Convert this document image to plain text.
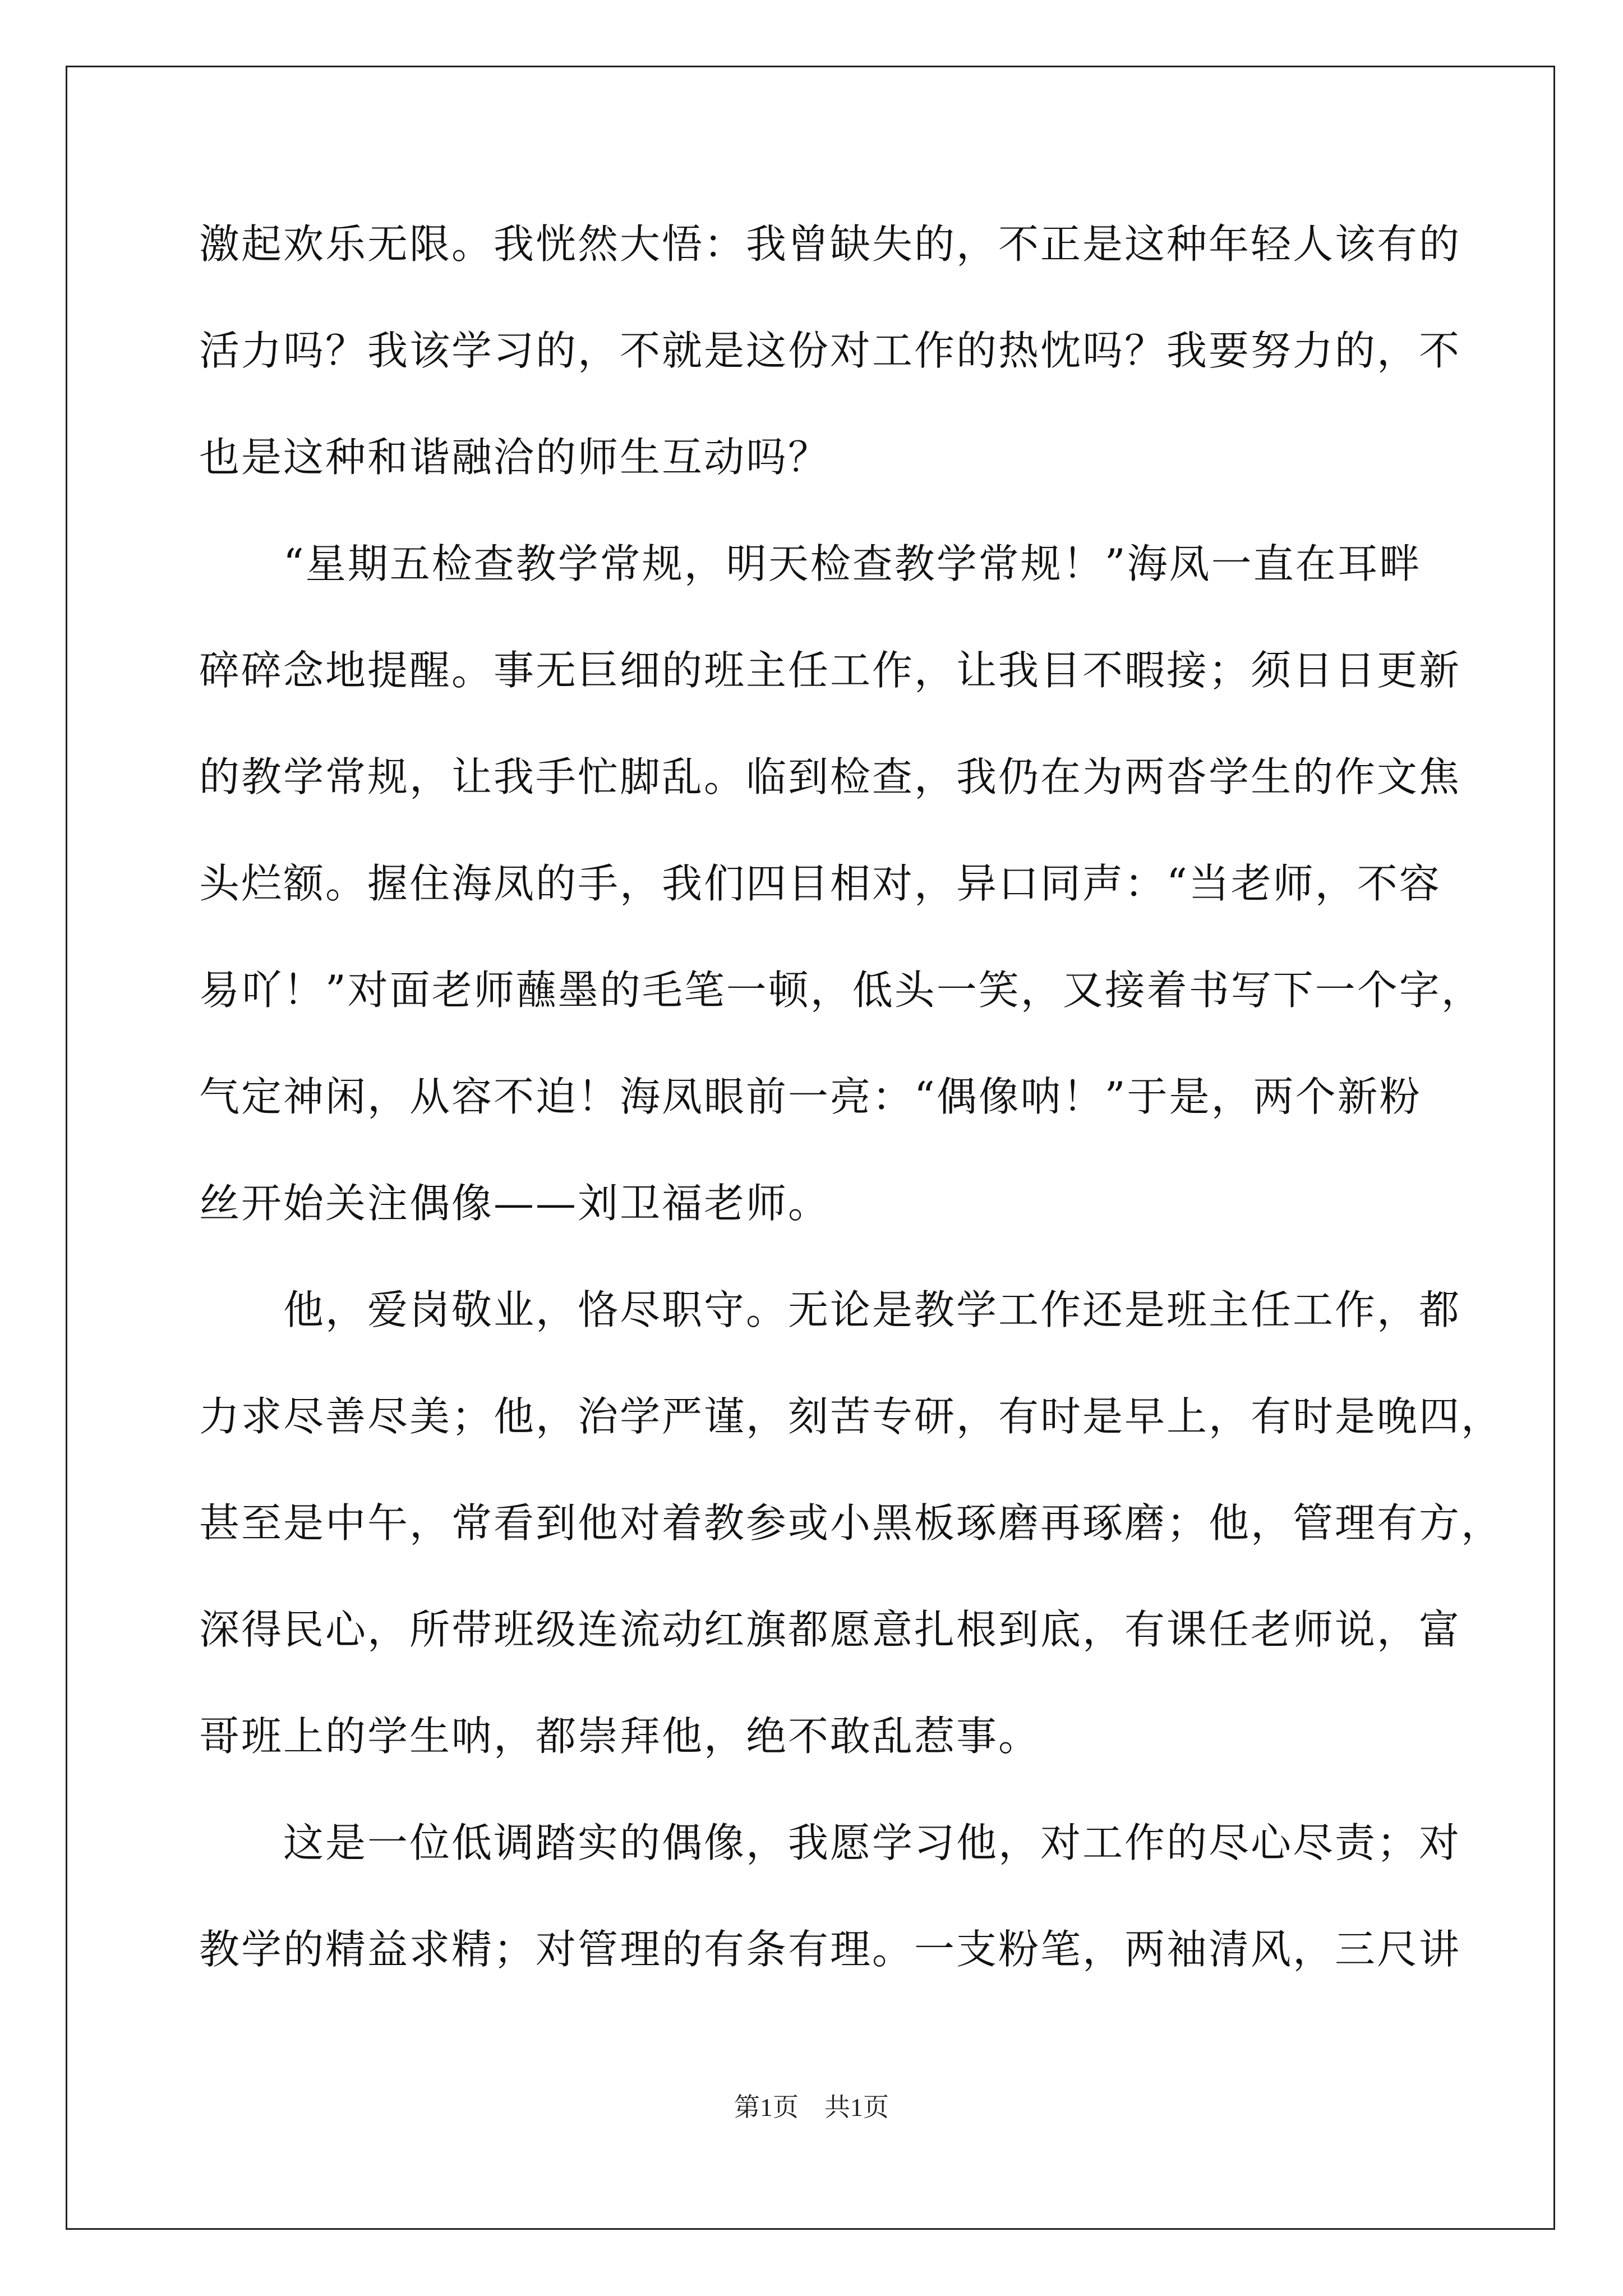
激起欢乐无限。我恍然大悟：我曾缺失的，不正是这种年轻人该有的
活力吗？我该学习的，不就是这份对工作的热忱吗？我要努力的，不
也是这种和谐融洽的师生互动吗？
　　“星期五检查教学常规，明天检查教学常规！”海凤一直在耳畔
碎碎念地提醒。事无巨细的班主任工作，让我目不暇接；须日日更新
的教学常规，让我手忙脚乱。临到检查，我仍在为两沓学生的作文焦
头烂额。握住海凤的手，我们四目相对，异口同声：“当老师，不容
易吖！”对面老师蘸墨的毛笔一顿，低头一笑，又接着书写下一个字，
气定神闲，从容不迫！海凤眼前一亮：“偶像呐！”于是，两个新粉
丝开始关注偶像——刘卫福老师。
　　他，爱岗敬业，恪尽职守。无论是教学工作还是班主任工作，都
力求尽善尽美；他，治学严谨，刻苦专研，有时是早上，有时是晚四，
甚至是中午，常看到他对着教参或小黑板琢磨再琢磨；他，管理有方，
深得民心，所带班级连流动红旗都愿意扎根到底，有课任老师说，富
哥班上的学生呐，都崇拜他，绝不敢乱惹事。
　　这是一位低调踏实的偶像，我愿学习他，对工作的尽心尽责；对
教学的精益求精；对管理的有条有理。一支粉笔，两袖清风，三尺讲
第1页　共1页
